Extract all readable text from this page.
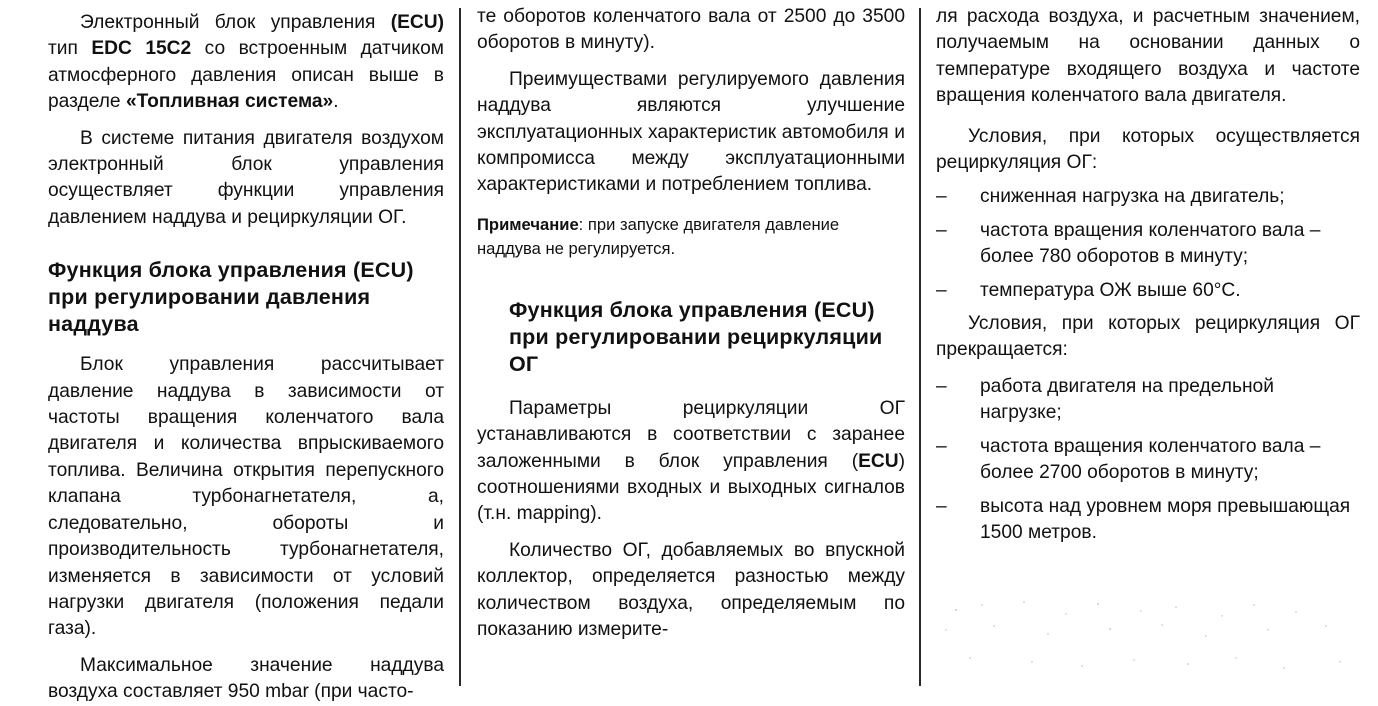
Электронный блок управления (ECU) тип EDC 15C2 со встроенным датчиком атмосферного давления описан выше в разделе «Топливная система».

В системе питания двигателя воздухом электронный блок управления осуществляет функции управления давлением наддува и рециркуляции ОГ.

Функция блока управления (ECU) при регулировании давления наддува

Блок управления рассчитывает давление наддува в зависимости от частоты вращения коленчатого вала двигателя и количества впрыскиваемого топлива. Величина открытия перепускного клапана турбонагнетателя, а, следовательно, обороты и производительность турбонагнетателя, изменяется в зависимости от условий нагрузки двигателя (положения педали газа).

Максимальное значение наддува воздуха составляет 950 mbar (при часто-

те оборотов коленчатого вала от 2500 до 3500 оборотов в минуту).

Преимуществами регулируемого давления наддува являются улучшение эксплуатационных характеристик автомобиля и компромисса между эксплуатационными характеристиками и потреблением топлива.

Примечание: при запуске двигателя давление наддува не регулируется.

Функция блока управления (ECU) при регулировании рециркуляции ОГ

Параметры рециркуляции ОГ устанавливаются в соответствии с заранее заложенными в блок управления (ECU) соотношениями входных и выходных сигналов (т.н. mapping).

Количество ОГ, добавляемых во впускной коллектор, определяется разностью между количеством воздуха, определяемым по показанию измерите-

ля расхода воздуха, и расчетным значением, получаемым на основании данных о температуре входящего воздуха и частоте вращения коленчатого вала двигателя.

Условия, при которых осуществляется рециркуляция ОГ:

– сниженная нагрузка на двигатель;
– частота вращения коленчатого вала – более 780 оборотов в минуту;
– температура ОЖ выше 60°С.

Условия, при которых рециркуляция ОГ прекращается:

– работа двигателя на предельной нагрузке;
– частота вращения коленчатого вала – более 2700 оборотов в минуту;
– высота над уровнем моря превышающая 1500 метров.
